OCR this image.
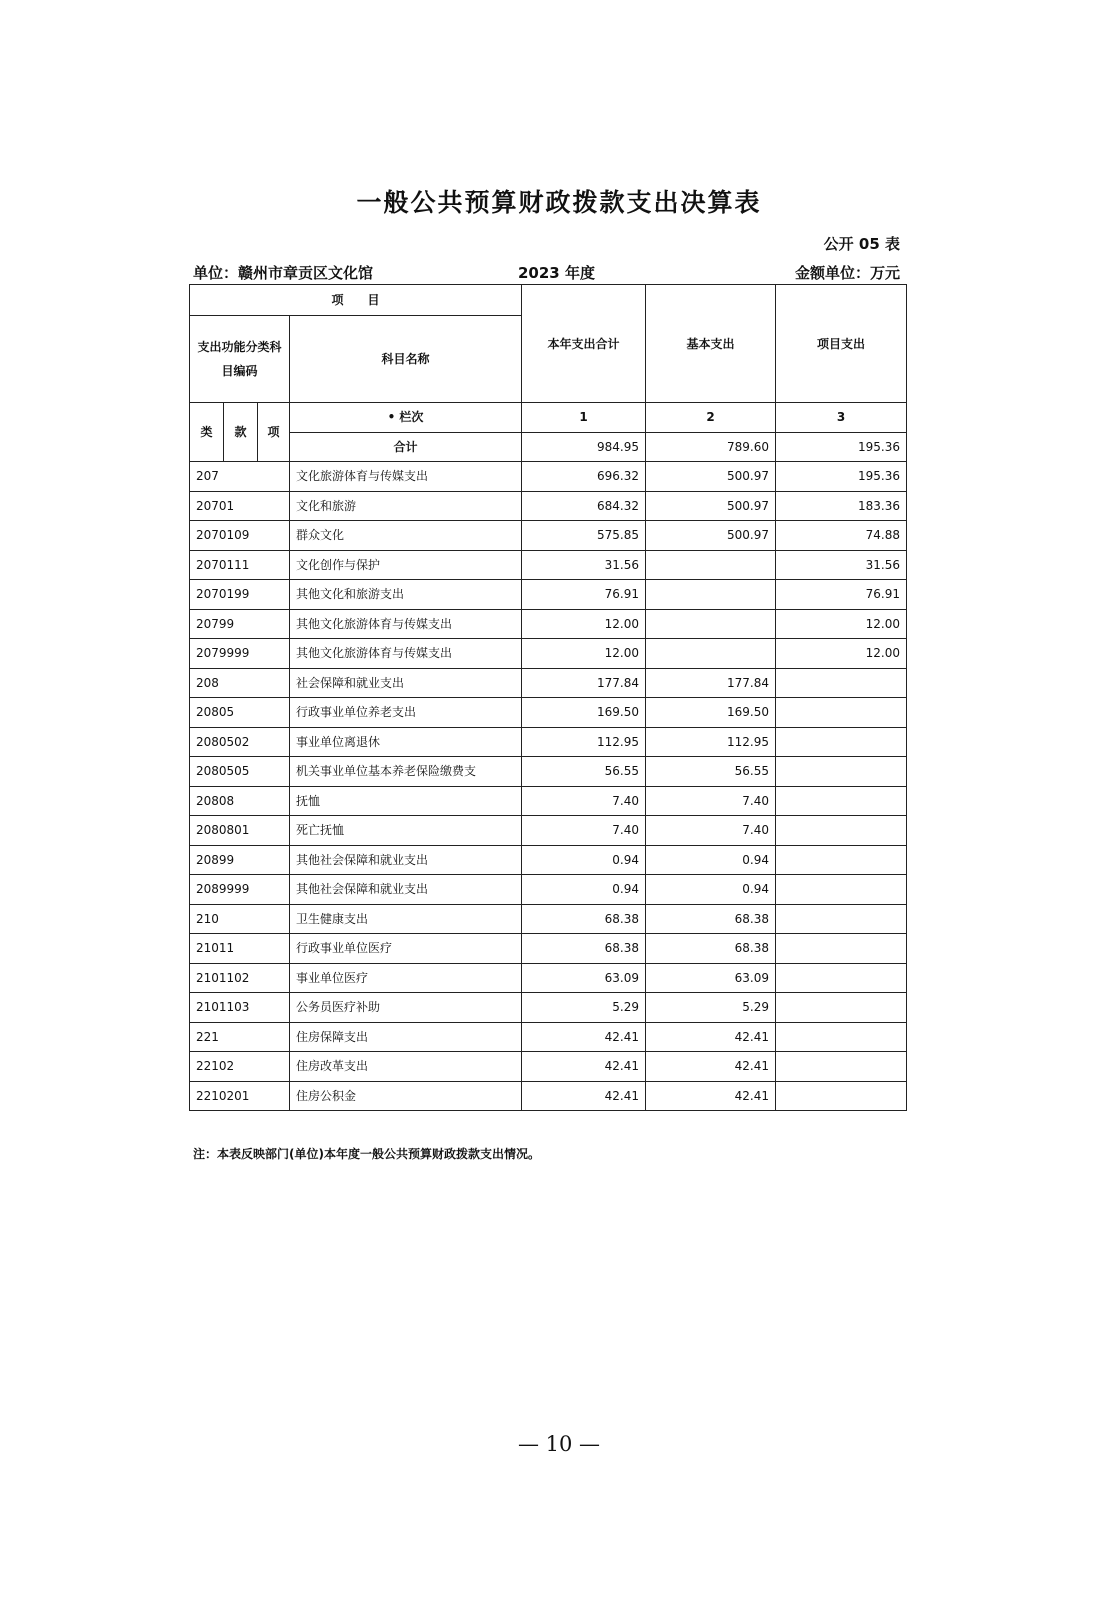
一般公共预算财政拨款支出决算表
公开 05 表
单位：赣州市章贡区文化馆	2023 年度	金额单位：万元
项　　目				本年支出合计	基本支出	项目支出
支出功能分类科目编码			科目名称			
类	款	项	• 栏次	1	2	3
			合计	984.95	789.60	195.36
207			文化旅游体育与传媒支出	696.32	500.97	195.36
20701			文化和旅游	684.32	500.97	183.36
2070109			群众文化	575.85	500.97	74.88
2070111			文化创作与保护	31.56		31.56
2070199			其他文化和旅游支出	76.91		76.91
20799			其他文化旅游体育与传媒支出	12.00		12.00
2079999			其他文化旅游体育与传媒支出	12.00		12.00
208			社会保障和就业支出	177.84	177.84	
20805			行政事业单位养老支出	169.50	169.50	
2080502			事业单位离退休	112.95	112.95	
2080505			机关事业单位基本养老保险缴费支	56.55	56.55	
20808			抚恤	7.40	7.40	
2080801			死亡抚恤	7.40	7.40	
20899			其他社会保障和就业支出	0.94	0.94	
2089999			其他社会保障和就业支出	0.94	0.94	
210			卫生健康支出	68.38	68.38	
21011			行政事业单位医疗	68.38	68.38	
2101102			事业单位医疗	63.09	63.09	
2101103			公务员医疗补助	5.29	5.29	
221			住房保障支出	42.41	42.41	
22102			住房改革支出	42.41	42.41	
2210201			住房公积金	42.41	42.41	
注：本表反映部门(单位)本年度一般公共预算财政拨款支出情况。
— 10 —
